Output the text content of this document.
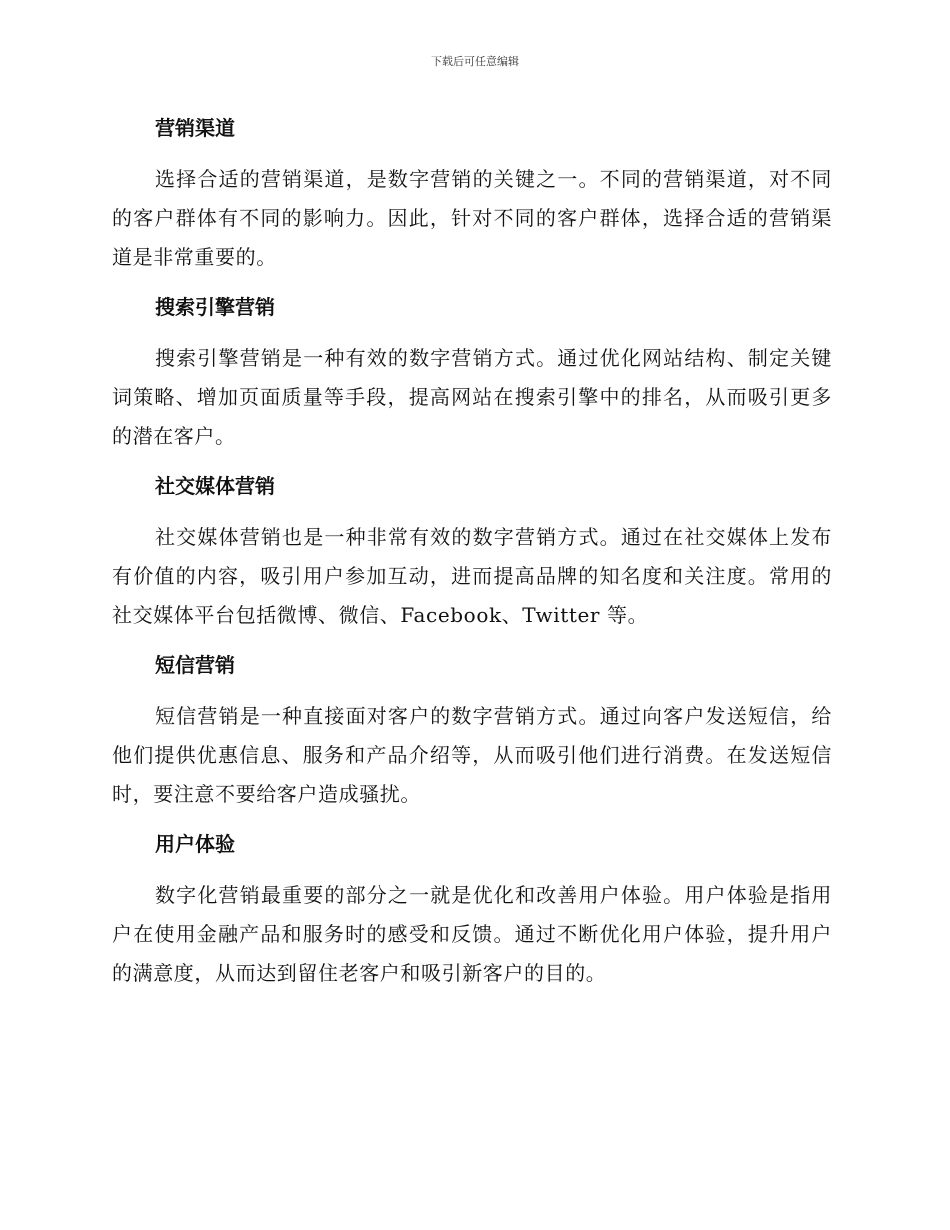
下载后可任意编辑
营销渠道

选择合适的营销渠道，是数字营销的关键之一。不同的营销渠道，对不同的客户群体有不同的影响力。因此，针对不同的客户群体，选择合适的营销渠道是非常重要的。

搜索引擎营销

搜索引擎营销是一种有效的数字营销方式。通过优化网站结构、制定关键词策略、增加页面质量等手段，提高网站在搜索引擎中的排名，从而吸引更多的潜在客户。

社交媒体营销

社交媒体营销也是一种非常有效的数字营销方式。通过在社交媒体上发布有价值的内容，吸引用户参加互动，进而提高品牌的知名度和关注度。常用的社交媒体平台包括微博、微信、Facebook、Twitter 等。

短信营销

短信营销是一种直接面对客户的数字营销方式。通过向客户发送短信，给他们提供优惠信息、服务和产品介绍等，从而吸引他们进行消费。在发送短信时，要注意不要给客户造成骚扰。

用户体验

数字化营销最重要的部分之一就是优化和改善用户体验。用户体验是指用户在使用金融产品和服务时的感受和反馈。通过不断优化用户体验，提升用户的满意度，从而达到留住老客户和吸引新客户的目的。
